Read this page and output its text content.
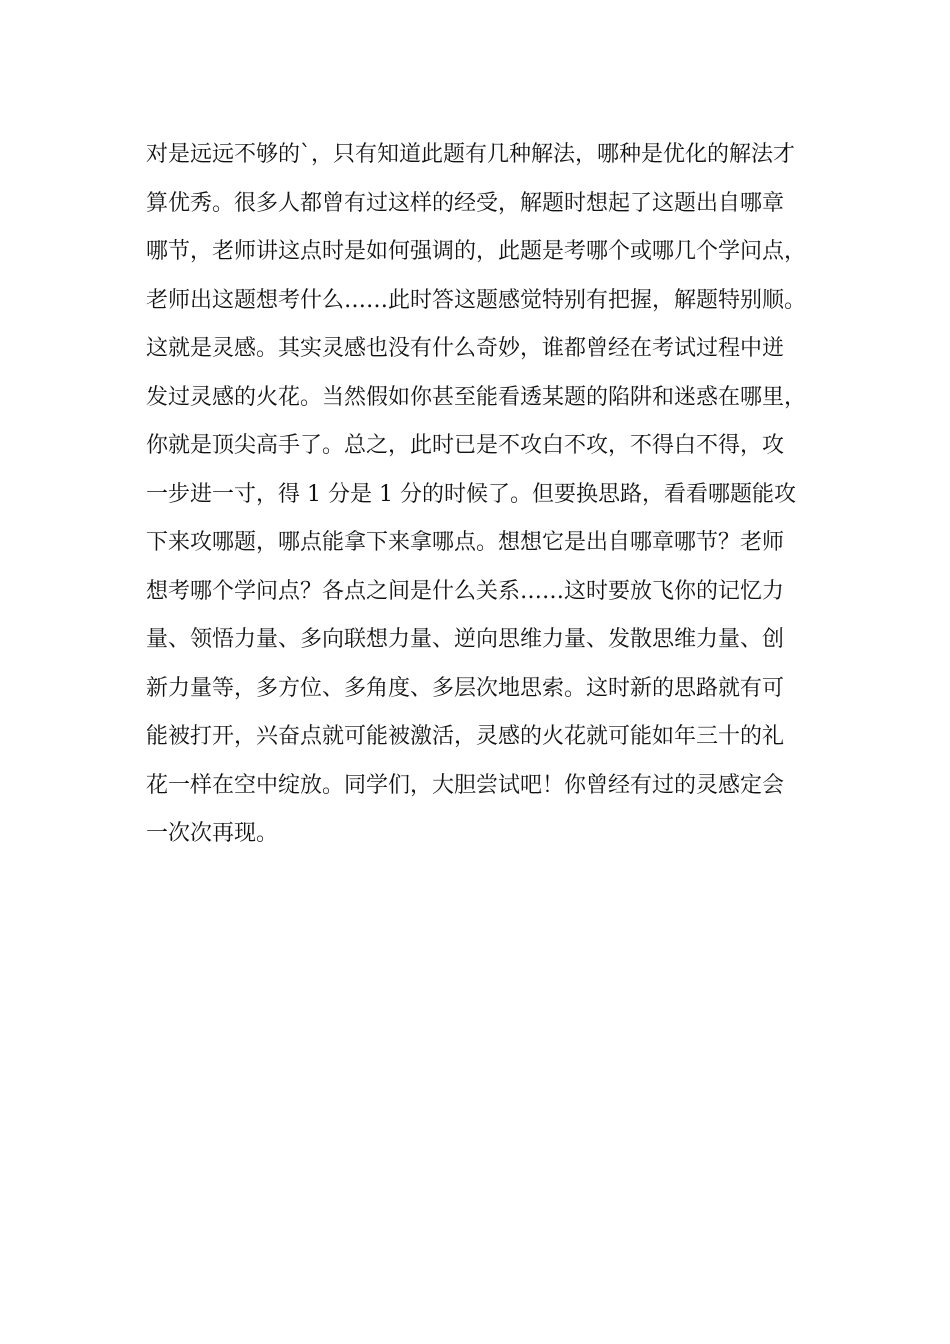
对是远远不够的`，只有知道此题有几种解法，哪种是优化的解法才
算优秀。很多人都曾有过这样的经受，解题时想起了这题出自哪章
哪节，老师讲这点时是如何强调的，此题是考哪个或哪几个学问点，
老师出这题想考什么……此时答这题感觉特别有把握，解题特别顺。
这就是灵感。其实灵感也没有什么奇妙，谁都曾经在考试过程中迸
发过灵感的火花。当然假如你甚至能看透某题的陷阱和迷惑在哪里，
你就是顶尖高手了。总之，此时已是不攻白不攻，不得白不得，攻
一步进一寸，得 1 分是 1 分的时候了。但要换思路，看看哪题能攻
下来攻哪题，哪点能拿下来拿哪点。想想它是出自哪章哪节？老师
想考哪个学问点？各点之间是什么关系……这时要放飞你的记忆力
量、领悟力量、多向联想力量、逆向思维力量、发散思维力量、创
新力量等，多方位、多角度、多层次地思索。这时新的思路就有可
能被打开，兴奋点就可能被激活，灵感的火花就可能如年三十的礼
花一样在空中绽放。同学们，大胆尝试吧！你曾经有过的灵感定会
一次次再现。
